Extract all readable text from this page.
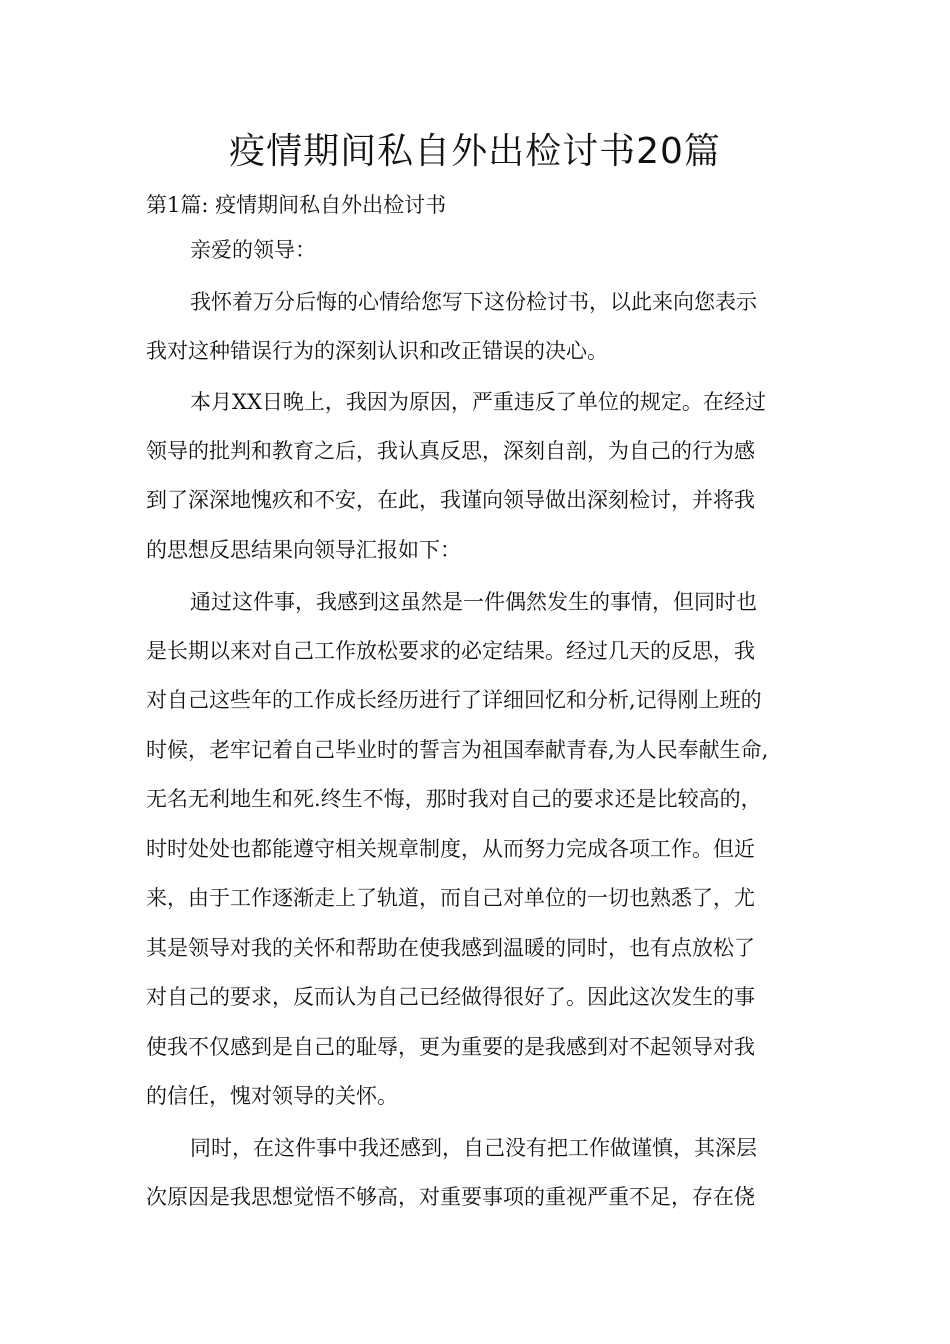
疫情期间私自外出检讨书20篇
第1篇: 疫情期间私自外出检讨书
亲爱的领导：
我怀着万分后悔的心情给您写下这份检讨书，以此来向您表示
我对这种错误行为的深刻认识和改正错误的决心。
本月XX日晚上，我因为原因，严重违反了单位的规定。在经过
领导的批判和教育之后，我认真反思，深刻自剖，为自己的行为感
到了深深地愧疚和不安，在此，我谨向领导做出深刻检讨，并将我
的思想反思结果向领导汇报如下：
通过这件事，我感到这虽然是一件偶然发生的事情，但同时也
是长期以来对自己工作放松要求的必定结果。经过几天的反思，我
对自己这些年的工作成长经历进行了详细回忆和分析,记得刚上班的
时候，老牢记着自己毕业时的誓言为祖国奉献青春,为人民奉献生命,
无名无利地生和死.终生不悔，那时我对自己的要求还是比较高的，
时时处处也都能遵守相关规章制度，从而努力完成各项工作。但近
来，由于工作逐渐走上了轨道，而自己对单位的一切也熟悉了，尤
其是领导对我的关怀和帮助在使我感到温暖的同时，也有点放松了
对自己的要求，反而认为自己已经做得很好了。因此这次发生的事
使我不仅感到是自己的耻辱，更为重要的是我感到对不起领导对我
的信任，愧对领导的关怀。
同时，在这件事中我还感到，自己没有把工作做谨慎，其深层
次原因是我思想觉悟不够高，对重要事项的重视严重不足，存在侥
